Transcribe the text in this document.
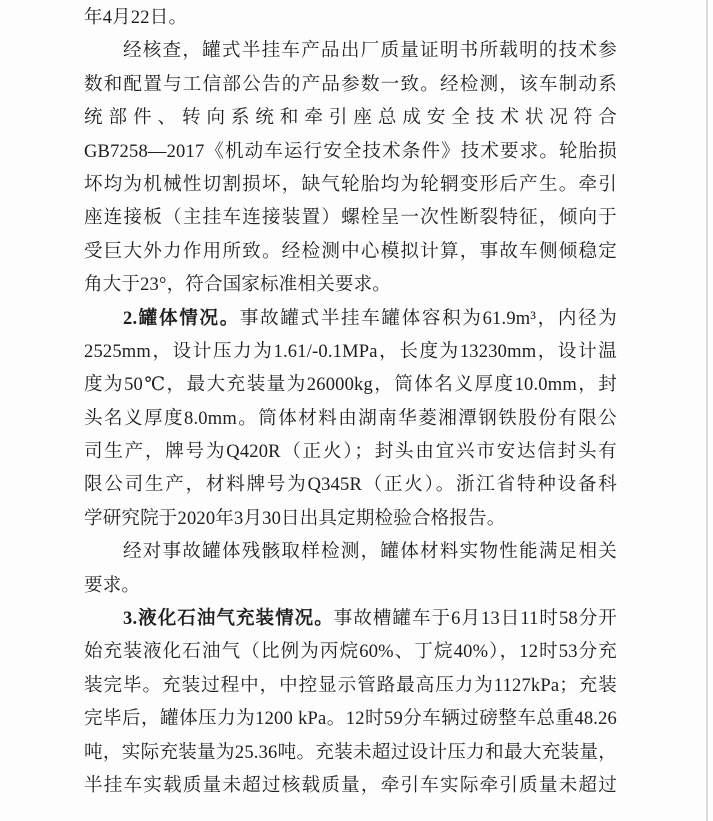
年4月22日。
经核查，罐式半挂车产品出厂质量证明书所载明的技术参
数和配置与工信部公告的产品参数一致。经检测，该车制动系
统部件、转向系统和牵引座总成安全技术状况符合
GB7258—2017《机动车运行安全技术条件》技术要求。轮胎损
坏均为机械性切割损坏，缺气轮胎均为轮辋变形后产生。牵引
座连接板（主挂车连接装置）螺栓呈一次性断裂特征，倾向于
受巨大外力作用所致。经检测中心模拟计算，事故车侧倾稳定
角大于23°，符合国家标准相关要求。
2.罐体情况。事故罐式半挂车罐体容积为61.9m³，内径为
2525mm，设计压力为1.61/-0.1MPa，长度为13230mm，设计温
度为50℃，最大充装量为26000kg，筒体名义厚度10.0mm，封
头名义厚度8.0mm。筒体材料由湖南华菱湘潭钢铁股份有限公
司生产，牌号为Q420R（正火）；封头由宜兴市安达信封头有
限公司生产，材料牌号为Q345R（正火）。浙江省特种设备科
学研究院于2020年3月30日出具定期检验合格报告。
经对事故罐体残骸取样检测，罐体材料实物性能满足相关
要求。
3.液化石油气充装情况。事故槽罐车于6月13日11时58分开
始充装液化石油气（比例为丙烷60%、丁烷40%），12时53分充
装完毕。充装过程中，中控显示管路最高压力为1127kPa；充装
完毕后，罐体压力为1200 kPa。12时59分车辆过磅整车总重48.26
吨，实际充装量为25.36吨。充装未超过设计压力和最大充装量，
半挂车实载质量未超过核载质量，牵引车实际牵引质量未超过
